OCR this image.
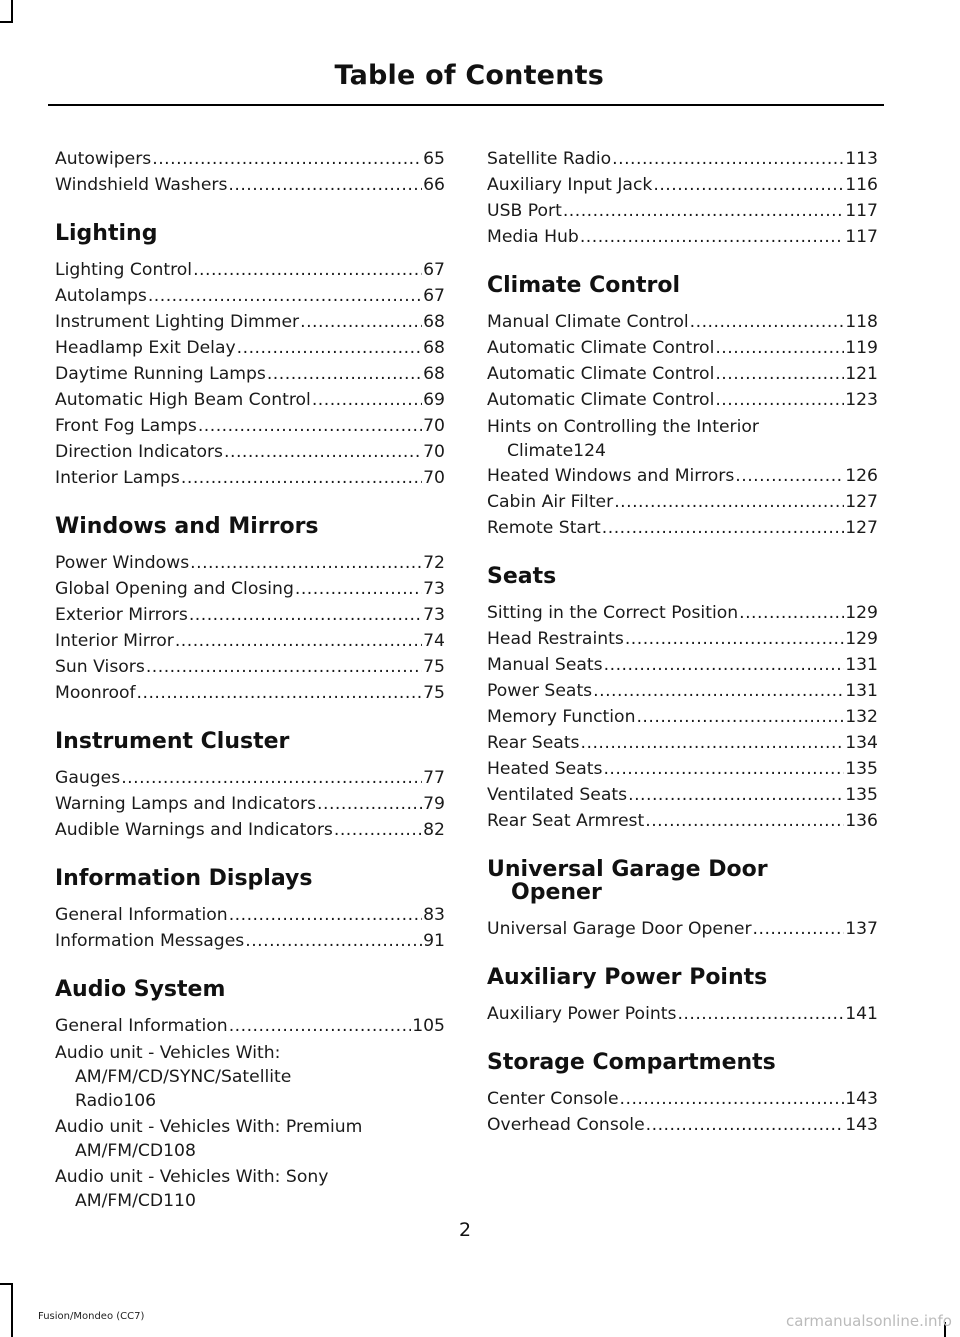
Table of Contents
Autowipers .....	65
Windshield Washers .....	66
Lighting
Lighting Control .....	67
Autolamps .....	67
Instrument Lighting Dimmer .....	68
Headlamp Exit Delay .....	68
Daytime Running Lamps .....	68
Automatic High Beam Control .....	69
Front Fog Lamps .....	70
Direction Indicators .....	70
Interior Lamps .....	70
Windows and Mirrors
Power Windows .....	72
Global Opening and Closing .....	73
Exterior Mirrors .....	73
Interior Mirror .....	74
Sun Visors .....	75
Moonroof .....	75
Instrument Cluster
Gauges .....	77
Warning Lamps and Indicators .....	79
Audible Warnings and Indicators .....	82
Information Displays
General Information .....	83
Information Messages .....	91
Audio System
General Information .....	105
Audio unit - Vehicles With:
AM/FM/CD/SYNC/Satellite
Radio 106
Audio unit - Vehicles With: Premium
AM/FM/CD 108
Audio unit - Vehicles With: Sony
AM/FM/CD 110
Satellite Radio .....	113
Auxiliary Input Jack .....	116
USB Port .....	117
Media Hub .....	117
Climate Control
Manual Climate Control .....	118
Automatic Climate Control .....	119
Automatic Climate Control .....	121
Automatic Climate Control .....	123
Hints on Controlling the Interior
Climate 124
Heated Windows and Mirrors .....	126
Cabin Air Filter .....	127
Remote Start .....	127
Seats
Sitting in the Correct Position .....	129
Head Restraints .....	129
Manual Seats .....	131
Power Seats .....	131
Memory Function .....	132
Rear Seats .....	134
Heated Seats .....	135
Ventilated Seats .....	135
Rear Seat Armrest .....	136
Universal Garage Door
Opener
Universal Garage Door Opener .....	137
Auxiliary Power Points
Auxiliary Power Points .....	141
Storage Compartments
Center Console .....	143
Overhead Console .....	143
2
Fusion/Mondeo (CC7)	carmanualsonline.info
